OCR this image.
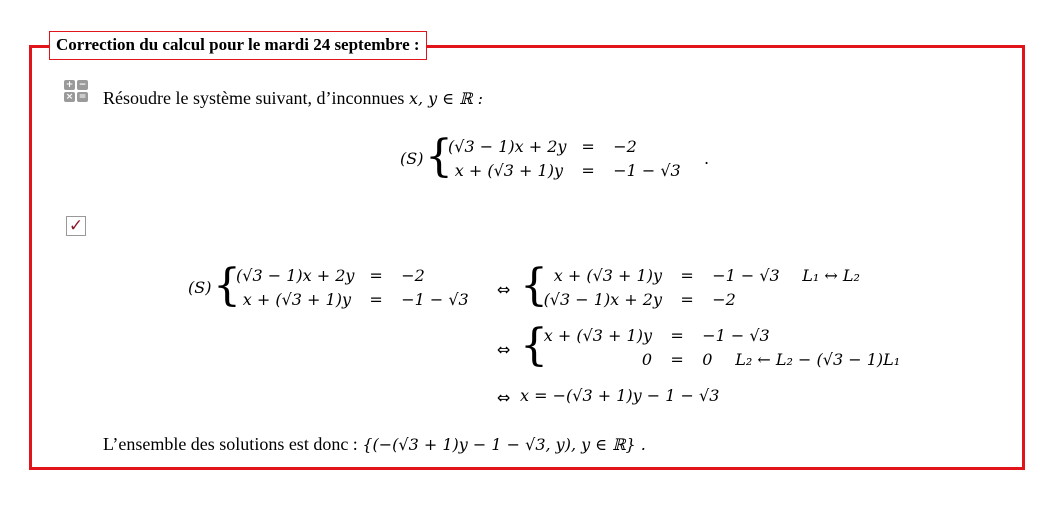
Correction du calcul pour le mardi 24 septembre :
+ −
× = Résoudre le système suivant, d’inconnues x, y ∈ ℝ :
(S) {
(√3 − 1)x + 2y = −2
x + (√3 + 1)y = −1 − √3
.
✓
(S) {
(√3 − 1)x + 2y = −2
x + (√3 + 1)y = −1 − √3
⇔ { x + (√3 + 1)y = −1 − √3 L₁ ↔ L₂
(√3 − 1)x + 2y = −2
⇔ {
x + (√3 + 1)y = −1 − √3
0 = 0 L₂ ← L₂ − (√3 − 1)L₁
⇔ x = −(√3 + 1)y − 1 − √3
L’ensemble des solutions est donc : {(−(√3 + 1)y − 1 − √3, y), y ∈ ℝ} .
